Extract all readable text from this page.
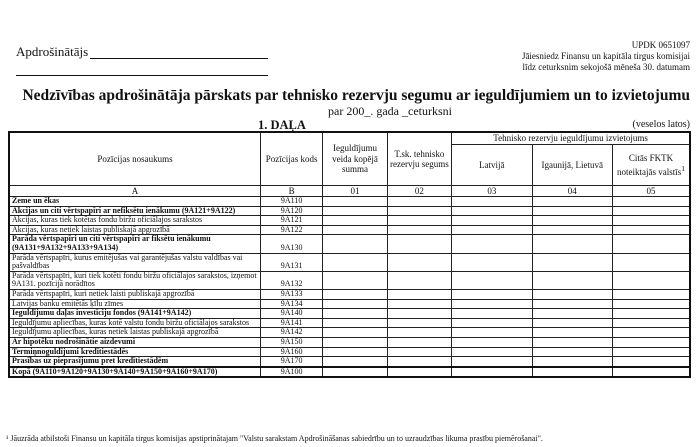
Apdrošinātājs	UPDK 0651097
Jāiesniedz Finansu un kapitāla tirgus komisijai
līdz ceturksnim sekojošā mēneša 30. datumam
Nedzīvības apdrošinātāja pārskats par tehnisko rezervju segumu ar ieguldījumiem un to izvietojumu
par 200_. gada _ceturksni
1. DAĻA	(veselos latos)
Pozīcijas nosaukums	Pozīcijas kods	Ieguldījumu veida kopējā summa	T.sk. tehnisko rezervju segums	Tehnisko rezervju ieguldījumu izvietojums		
				Latvijā	Igaunijā, Lietuvā	Citās FKTK noteiktajās valstīs$^1$
A	B	01	02	03	04	05
Zeme un ēkas	9A110					
Akcijas un citi vērtspapīri ar nefiksētu ienākumu (9A121+9A122)	9A120					
Akcijas, kuras tiek kotētas fondu biržu oficiālajos sarakstos	9A121					
Akcijas, kuras netiek laistas publiskajā apgrozībā	9A122					
Parāda vērtspapīri un citi vērtspapīri ar fiksētu ienākumu (9A131+9A132+9A133+9A134)	9A130					
Parāda vērtspapīri, kurus emitējušas vai garantējušas valstu valdības vai pašvaldības	9A131					
Parāda vērtspapīri, kuri tiek kotēti fondu biržu oficiālajos sarakstos, izņemot 9A131. pozīcijā norādītos	9A132					
Parāda vērtspapīri, kuri netiek laisti publiskajā apgrozībā	9A133					
Latvijas banku emitētās ķīlu zīmes	9A134					
Ieguldījumu daļas investīciju fondos (9A141+9A142)	9A140					
Ieguldījumu apliecības, kuras kotē valstu fondu biržu oficiālajos sarakstos	9A141					
Ieguldījumu apliecības, kuras netiek laistas publiskajā apgrozībā	9A142					
Ar hipotēku nodrošinātie aizdevumi	9A150					
Termiņnoguldījumi kredītiestādēs	9A160					
Prasības uz pieprasījumu pret kredītiestādēm	9A170					
Kopā (9A110+9A120+9A130+9A140+9A150+9A160+9A170)	9A100					
¹ Jāuzrāda atbilstoši Finansu un kapitāla tirgus komisijas apstiprinātajam "Valstu sarakstam Apdrošināšanas sabiedrību un to uzraudzības likuma prasību piemērošanai".
